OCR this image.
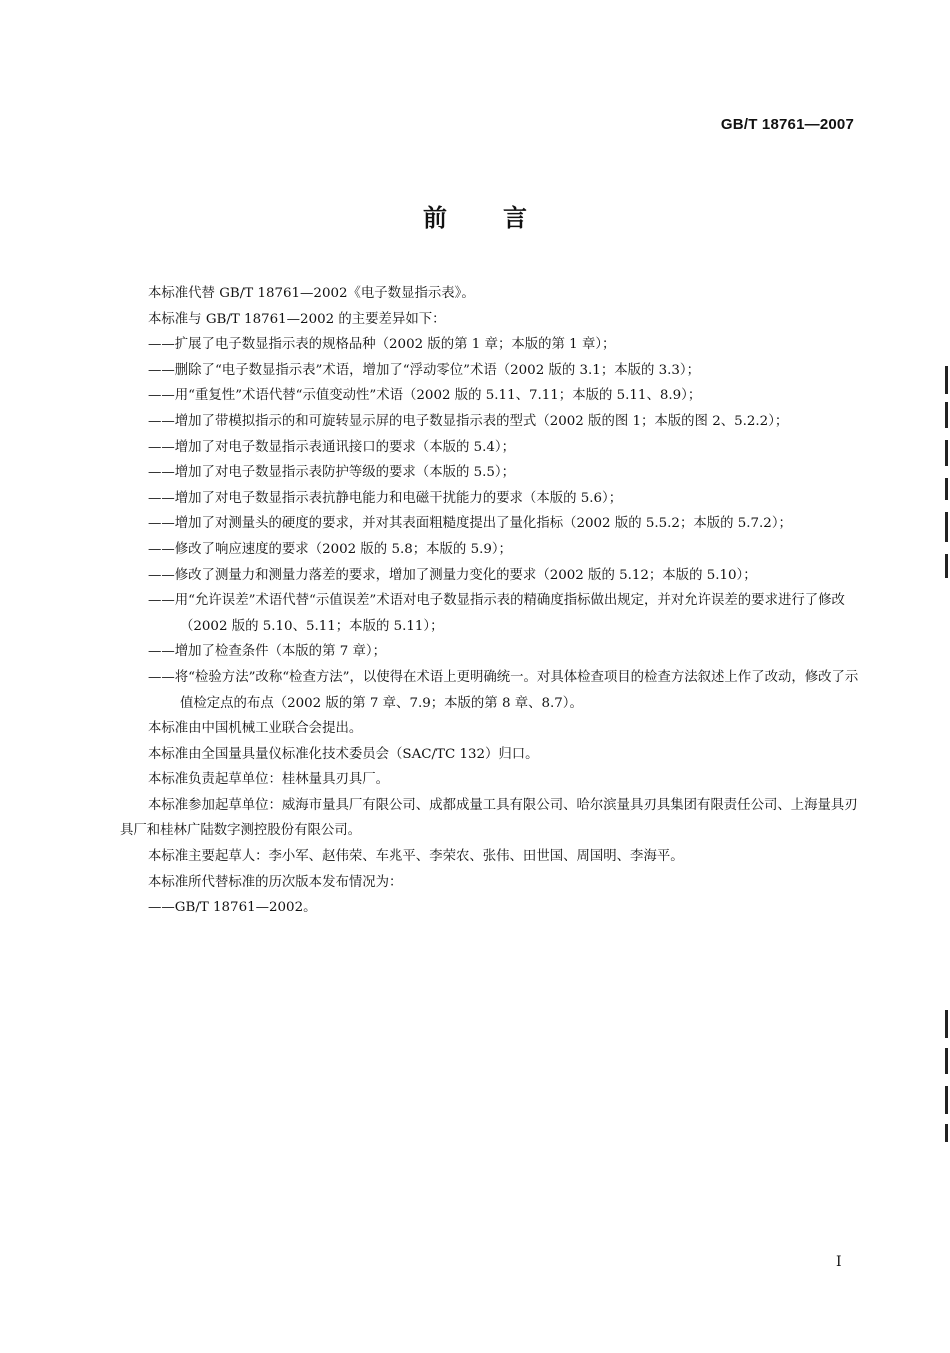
GB/T 18761—2007
前言

本标准代替 GB/T 18761—2002《电子数显指示表》。

本标准与 GB/T 18761—2002 的主要差异如下：

——扩展了电子数显指示表的规格品种（2002 版的第 1 章；本版的第 1 章）；

——删除了“电子数显指示表”术语，增加了“浮动零位”术语（2002 版的 3.1；本版的 3.3）；

——用“重复性”术语代替“示值变动性”术语（2002 版的 5.11、7.11；本版的 5.11、8.9）；

——增加了带模拟指示的和可旋转显示屏的电子数显指示表的型式（2002 版的图 1；本版的图 2、5.2.2）；

——增加了对电子数显指示表通讯接口的要求（本版的 5.4）；

——增加了对电子数显指示表防护等级的要求（本版的 5.5）；

——增加了对电子数显指示表抗静电能力和电磁干扰能力的要求（本版的 5.6）；

——增加了对测量头的硬度的要求，并对其表面粗糙度提出了量化指标（2002 版的 5.5.2；本版的 5.7.2）；

——修改了响应速度的要求（2002 版的 5.8；本版的 5.9）；

——修改了测量力和测量力落差的要求，增加了测量力变化的要求（2002 版的 5.12；本版的 5.10）；

——用“允许误差”术语代替“示值误差”术语对电子数显指示表的精确度指标做出规定，并对允许误差的要求进行了修改（2002 版的 5.10、5.11；本版的 5.11）；

——增加了检查条件（本版的第 7 章）；

——将“检验方法”改称“检查方法”，以使得在术语上更明确统一。对具体检查项目的检查方法叙述上作了改动，修改了示值检定点的布点（2002 版的第 7 章、7.9；本版的第 8 章、8.7）。

本标准由中国机械工业联合会提出。

本标准由全国量具量仪标准化技术委员会（SAC/TC 132）归口。

本标准负责起草单位：桂林量具刃具厂。

本标准参加起草单位：威海市量具厂有限公司、成都成量工具有限公司、哈尔滨量具刃具集团有限责任公司、上海量具刃具厂和桂林广陆数字测控股份有限公司。

本标准主要起草人：李小军、赵伟荣、车兆平、李荣农、张伟、田世国、周国明、李海平。

本标准所代替标准的历次版本发布情况为：

——GB/T 18761—2002。

I
